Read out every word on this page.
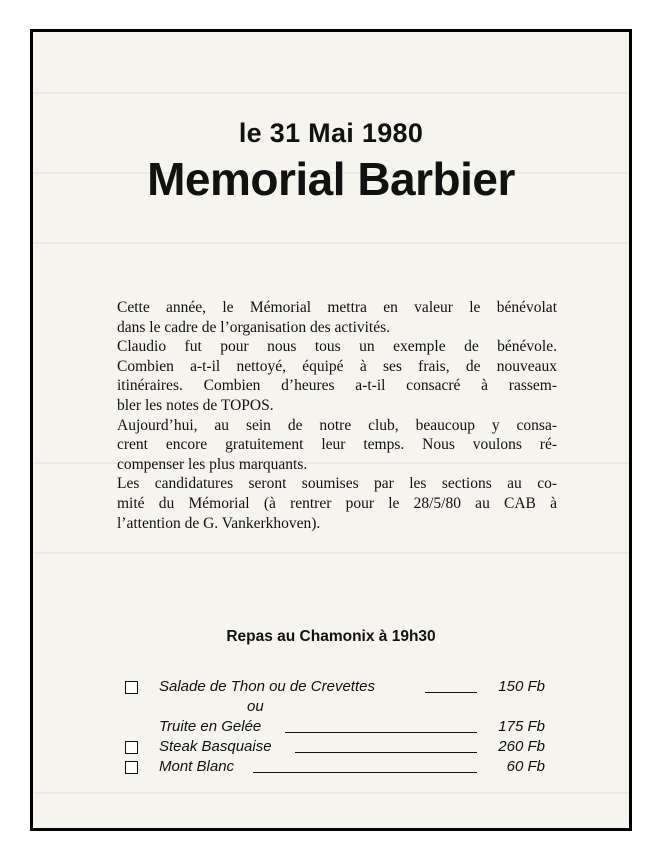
le 31 Mai 1980
Memorial Barbier
Cette année, le Mémorial mettra en valeur le bénévolat
dans le cadre de l’organisation des activités.
Claudio fut pour nous tous un exemple de bénévole.
Combien a-t-il nettoyé, équipé à ses frais, de nouveaux
itinéraires. Combien d’heures a-t-il consacré à rassem-
bler les notes de TOPOS.
Aujourd’hui, au sein de notre club, beaucoup y consa-
crent encore gratuitement leur temps. Nous voulons ré-
compenser les plus marquants.
Les candidatures seront soumises par les sections au co-
mité du Mémorial (à rentrer pour le 28/5/80 au CAB à
l’attention de G. Vankerkhoven).
Repas au Chamonix à 19h30
Salade de Thon ou de Crevettes	150 Fb
ou
Truite en Gelée	175 Fb
Steak Basquaise	260 Fb
Mont Blanc	60 Fb
